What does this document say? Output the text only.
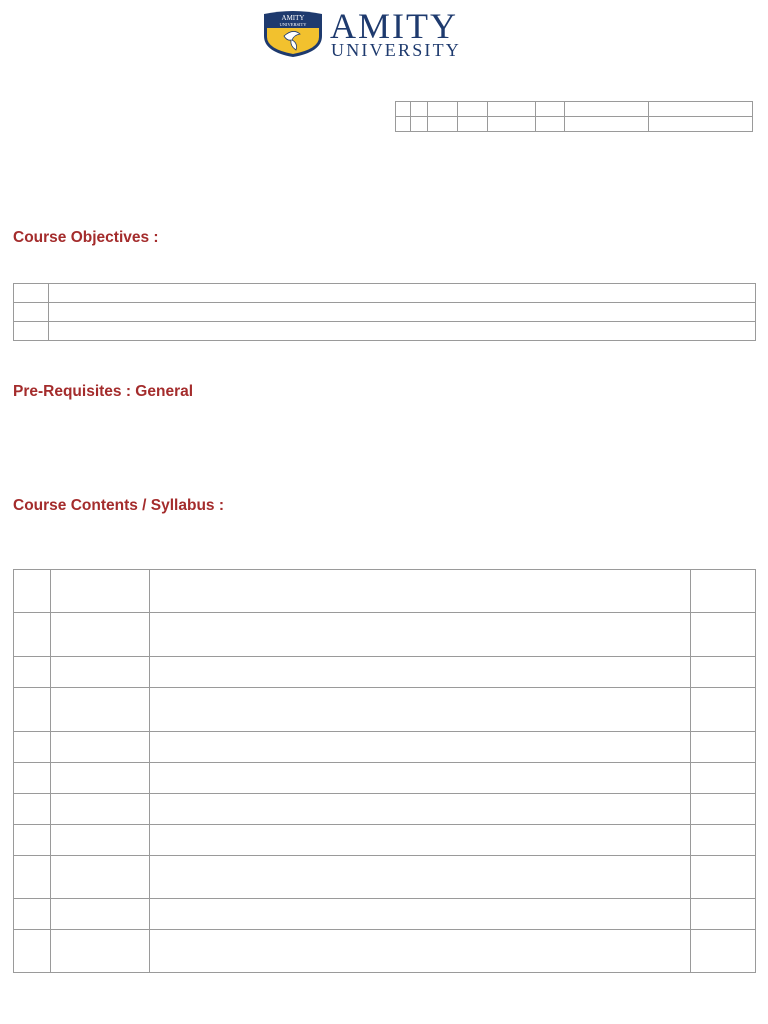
AMITY
UNIVERSITY AMITY
UNIVERSITY

Course Objectives :

Pre-Requisites : General
Course Contents / Syllabus :
